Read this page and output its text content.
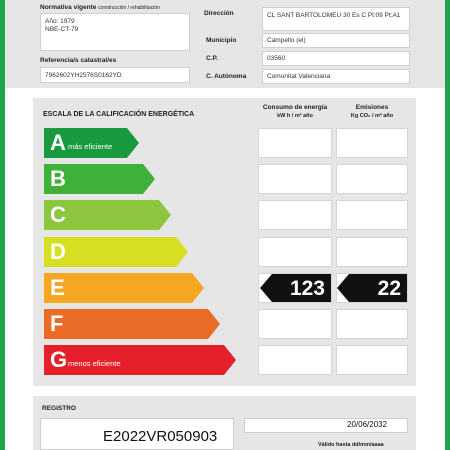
Normativa vigente construcción / rehabilitación
Año: 1979
NBE-CT-79
Referencia/s catastral/es
7962602YH2576S0162YD
Dirección	CL SANT BARTOLOMEU 30 Es C Pl:09 Pt:A1
Municipio	Campello (el)
C.P.	03560
C. Autónoma	Comunitat Valenciana
ESCALA DE LA CALIFICACIÓN ENERGÉTICA
Consumo de energía
kW h / m² año
Emisiones
Kg CO₂ / m² año
A más eficiente
B
C
D
E	123	22
F
G menos eficiente
REGISTRO
E2022VR050903
20/06/2032
Válido hasta dd/mm/aaaa
